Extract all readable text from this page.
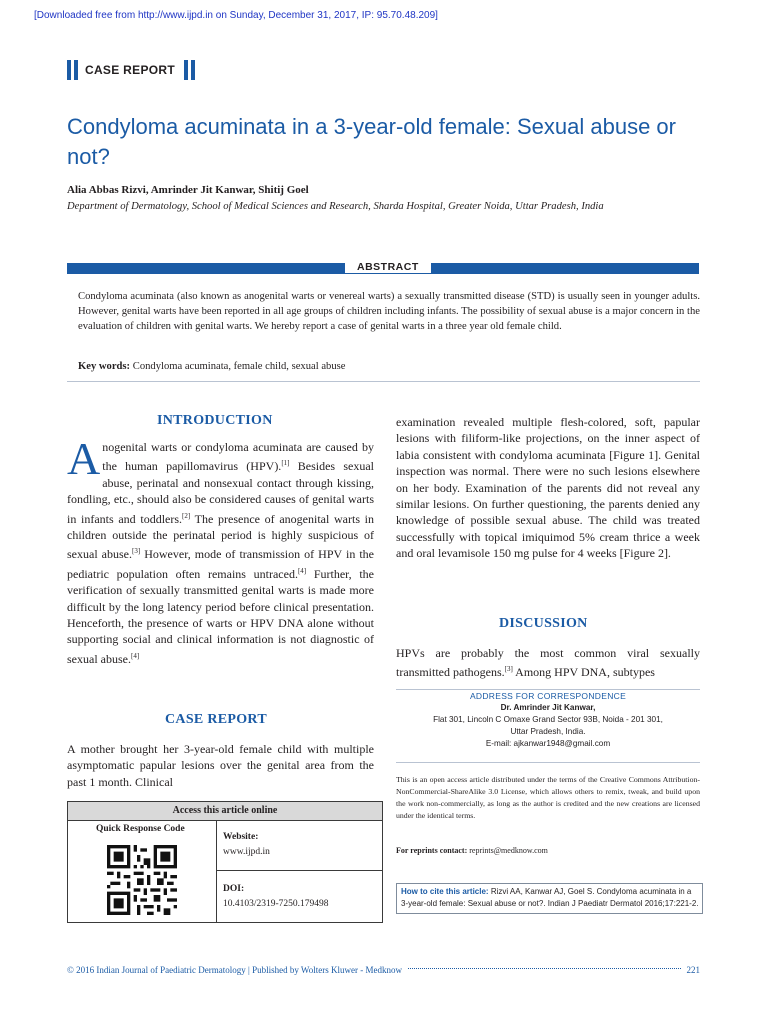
[Downloaded free from http://www.ijpd.in on Sunday, December 31, 2017, IP: 95.70.48.209]
CASE REPORT
Condyloma acuminata in a 3-year-old female: Sexual abuse or not?
Alia Abbas Rizvi, Amrinder Jit Kanwar, Shitij Goel
Department of Dermatology, School of Medical Sciences and Research, Sharda Hospital, Greater Noida, Uttar Pradesh, India
ABSTRACT

Condyloma acuminata (also known as anogenital warts or venereal warts) a sexually transmitted disease (STD) is usually seen in younger adults. However, genital warts have been reported in all age groups of children including infants. The possibility of sexual abuse is a major concern in the evaluation of children with genital warts. We hereby report a case of genital warts in a three year old female child.

Key words: Condyloma acuminata, female child, sexual abuse
INTRODUCTION

Anogenital warts or condyloma acuminata are caused by the human papillomavirus (HPV).[1] Besides sexual abuse, perinatal and nonsexual contact through kissing, fondling, etc., should also be considered causes of genital warts in infants and toddlers.[2] The presence of anogenital warts in children outside the perinatal period is highly suspicious of sexual abuse.[3] However, mode of transmission of HPV in the pediatric population often remains untraced.[4] Further, the verification of sexually transmitted genital warts is made more difficult by the long latency period before clinical presentation. Henceforth, the presence of warts or HPV DNA alone without supporting social and clinical information is not diagnostic of sexual abuse.[4]

CASE REPORT

A mother brought her 3-year-old female child with multiple asymptomatic papular lesions over the genital area from the past 1 month. Clinical

Access this article online
Quick Response Code
Website:
www.ijpd.in
DOI:
10.4103/2319-7250.179498

examination revealed multiple flesh-colored, soft, papular lesions with filiform-like projections, on the inner aspect of labia consistent with condyloma acuminata [Figure 1]. Genital inspection was normal. There were no such lesions elsewhere on her body. Examination of the parents did not reveal any similar lesions. On further questioning, the parents denied any knowledge of possible sexual abuse. The child was treated successfully with topical imiquimod 5% cream thrice a week and oral levamisole 150 mg pulse for 4 weeks [Figure 2].

DISCUSSION

HPVs are probably the most common viral sexually transmitted pathogens.[3] Among HPV DNA, subtypes

ADDRESS FOR CORRESPONDENCE
Dr. Amrinder Jit Kanwar,
Flat 301, Lincoln C Omaxe Grand Sector 93B, Noida - 201 301,
Uttar Pradesh, India.
E-mail: ajkanwar1948@gmail.com

This is an open access article distributed under the terms of the Creative Commons Attribution-NonCommercial-ShareAlike 3.0 License, which allows others to remix, tweak, and build upon the work non-commercially, as long as the author is credited and the new creations are licensed under the identical terms.

For reprints contact: reprints@medknow.com
How to cite this article: Rizvi AA, Kanwar AJ, Goel S. Condyloma acuminata in a 3-year-old female: Sexual abuse or not?. Indian J Paediatr Dermatol 2016;17:221-2.
© 2016 Indian Journal of Paediatric Dermatology | Published by Wolters Kluwer - Medknow	221
